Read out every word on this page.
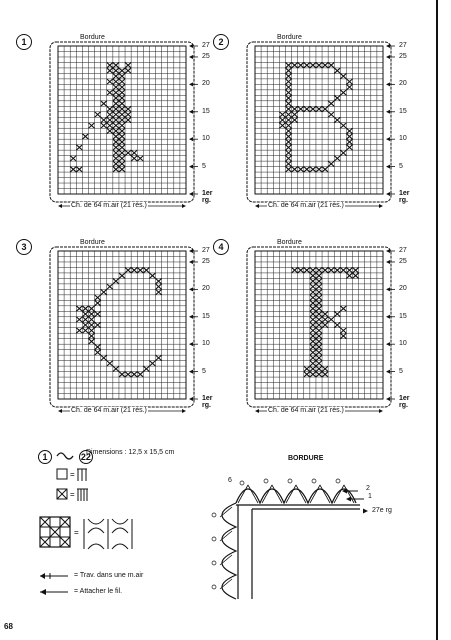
1	Bordure
27
25
20
15
10
5
1er rg.
Ch. de 64 m.air (21 rés.)
2	Bordure
27
25
20
15
10
5
1er rg.
Ch. de 64 m.air (21 rés.)
3	Bordure
27
25
20
15
10
5
1er rg.
Ch. de 64 m.air (21 rés.)
4	Bordure
27
25
20
15
10
5
1er rg.
Ch. de 64 m.air (21 rés.)
1	22
Dimensions : 12,5 x 15,5 cm
=
=
=
= Trav. dans une m.air
= Attacher le fil.
BORDURE
6
2
1
27e rg
68
